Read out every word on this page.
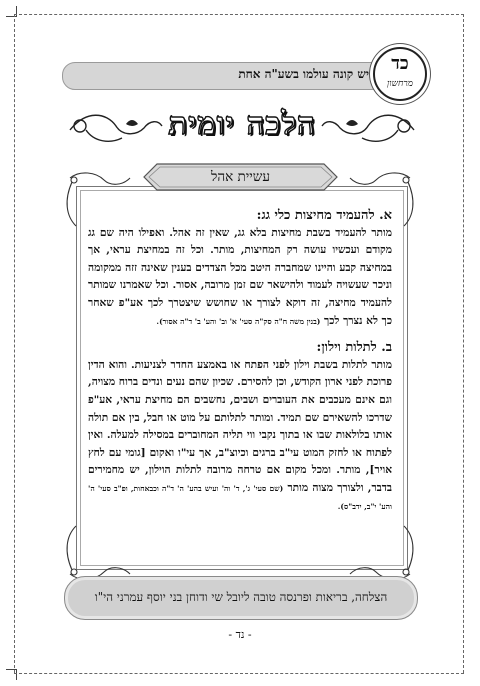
יש קונה עולמו בשע"ה אחת	כד
מרחשון
הלכה יומית
עשיית אהל

א. להעמיד מחיצות כלי גג:

מותר להעמיד בשבת מחיצות בלא גג, שאין זה אהל. ואפילו היה שם גג מקודם ועכשיו עושה רק המחיצות, מותר. וכל זה במחיצת עראי, אך במחיצה קבע והיינו שמחברה היטב מכל הצדדים בענין שאינה זזה ממקומה וניכר שעשויה לעמוד ולהישאר שם זמן מרובה, אסור. וכל שאמרנו שמותר להעמיד מחיצה, זה דוקא לצורך או שחושש שיצטרך לכך אע"פ שאחר כך לא נצרך לכך (בנין משה ח"ה סק"ה סעי' א' וב' והע' ב' ד"ה אסור).

ב. לתלות וילון:

מותר לתלות בשבת וילון לפני הפתח או באמצע החדר לצניעות. והוא הדין פרוכת לפני ארון הקודש, וכן להסירם. שכיון שהם נעים ונדים ברוח מצויה, וגם אינם מעכבים את העוברים ושבים, נחשבים הם מחיצת עראי, אע"פ שדרכו להשאירם שם תמיד. ומותר לתלותם על מוט או חבל, בין אם תולה אותו בלולאות שבו או בתוך נקבי ווי תליה המחוברים במסילה למעלה. ואין לפתוח או לחזק המוט עי"ב ברגים וכיוצ"ב, אך עי"ו ואקום [גומי עם לחץ אויר], מותר. ומכל מקום אם טרחה מרובה לתלות הוילון, יש מחמירים בדבר, ולצורך מצוה מותר (שם סעי' ג', ד' וה' ועיש בהע' ה' ד"ה וכבאחות, ופ"ב סעי' ה' והע' י"ב, ידב"ס).

הצלחה, בריאות ופרנסה טובה ליובל שי ודוחן בני יוסף עמרני הי"ו
- נד -
